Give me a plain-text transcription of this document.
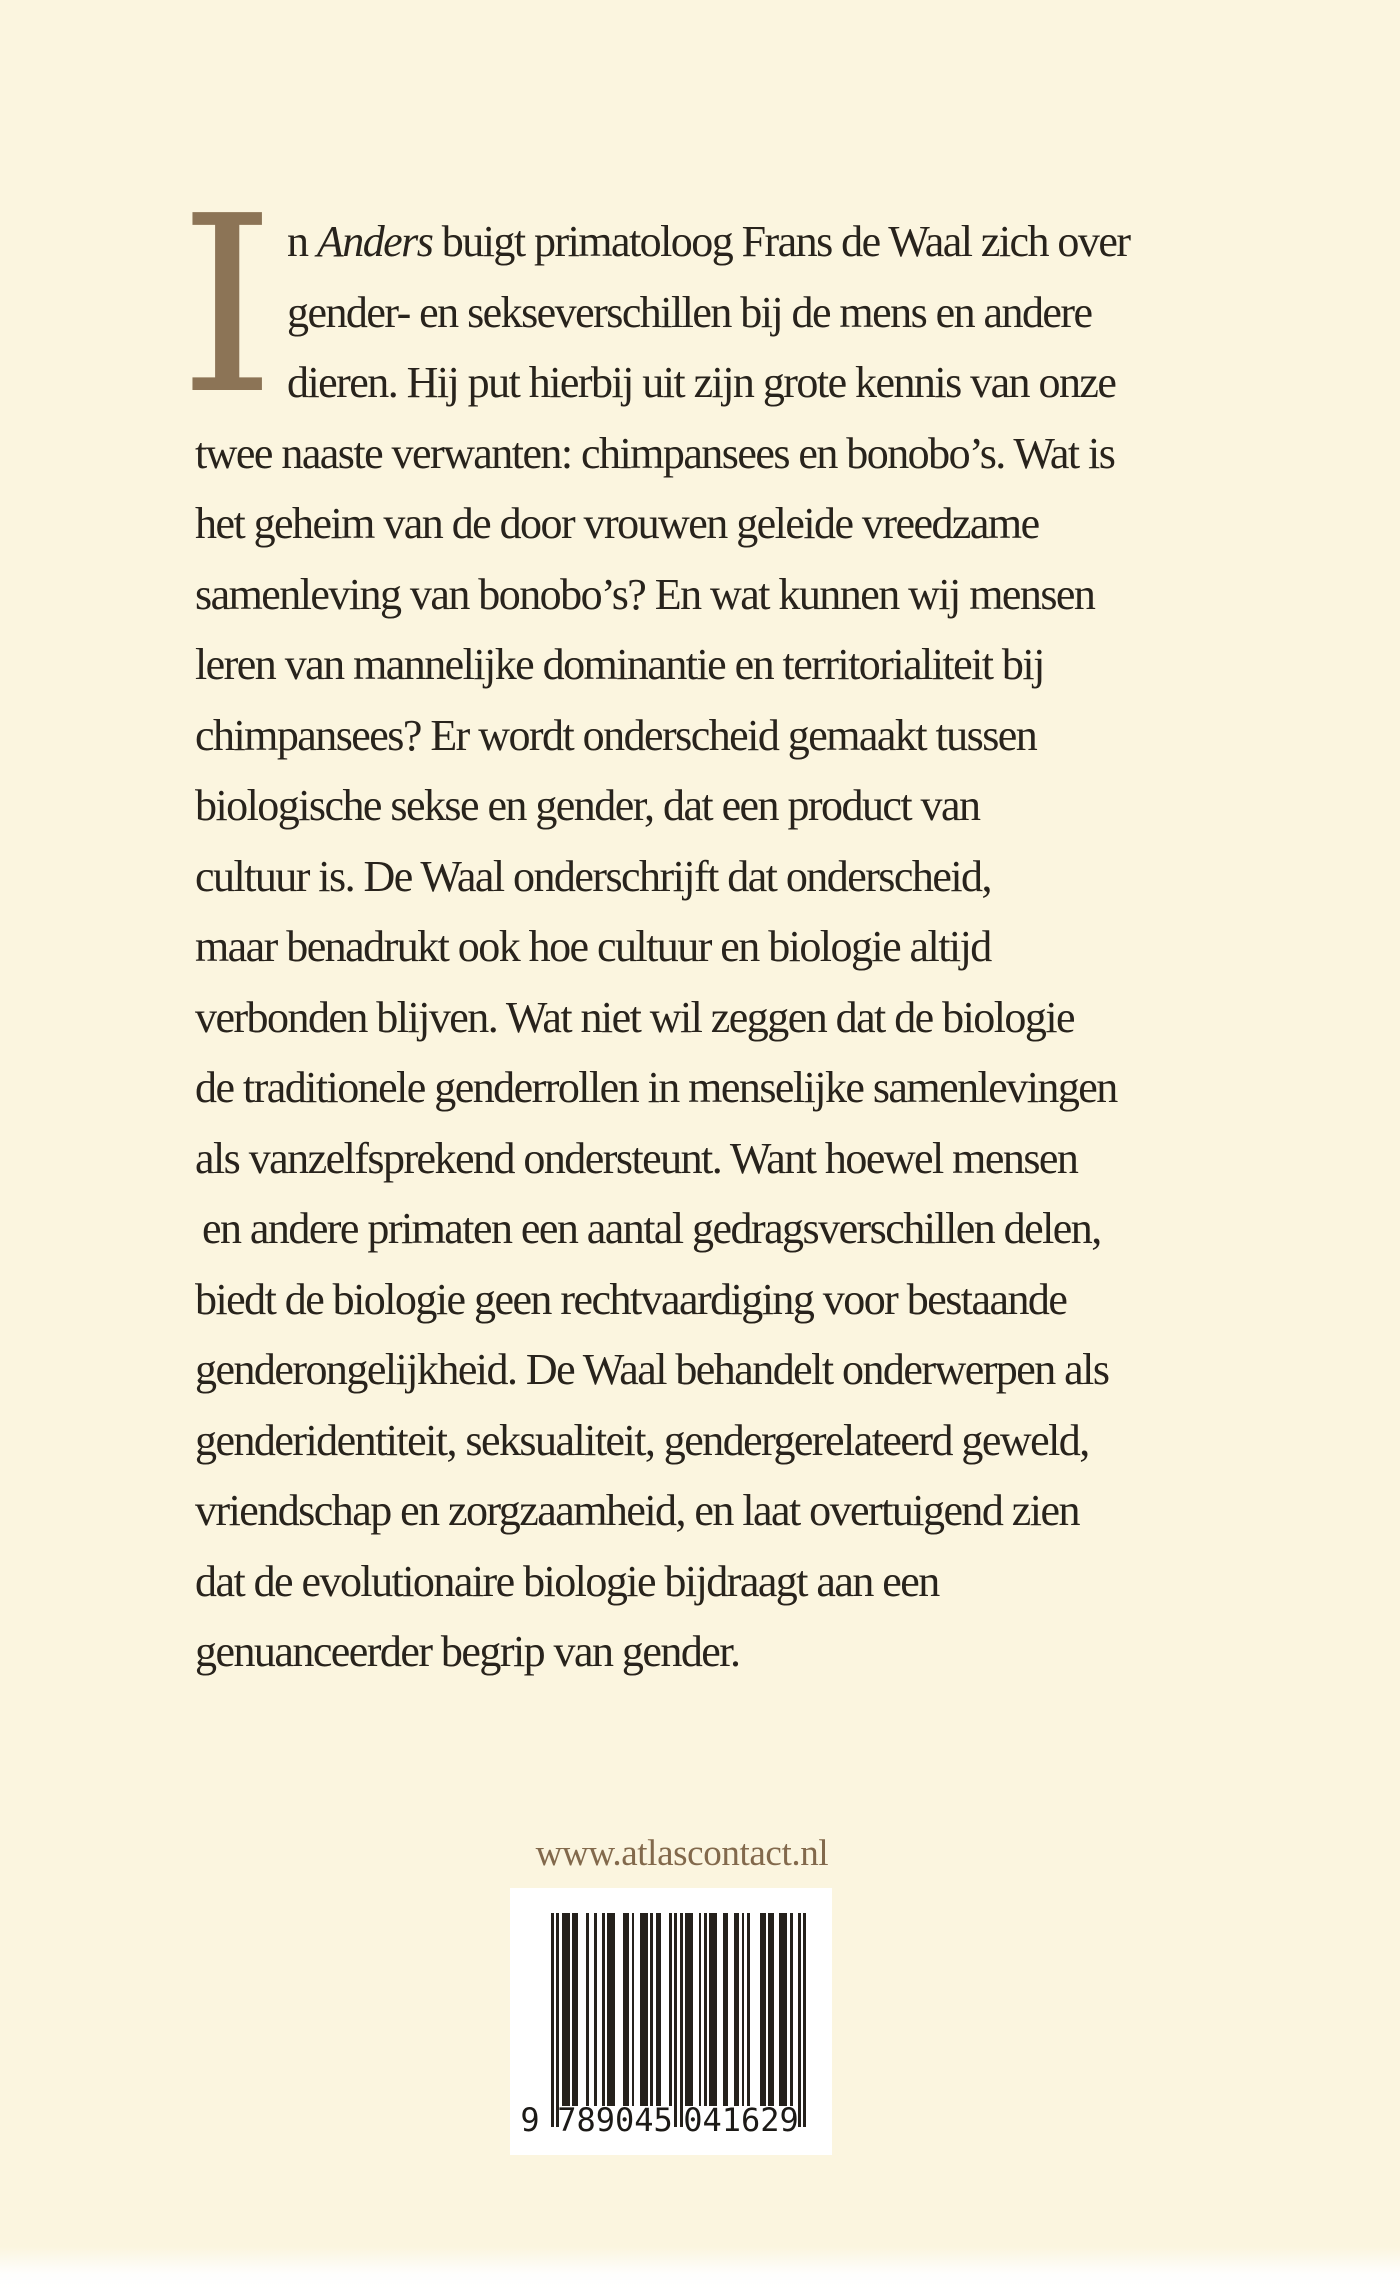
I n Anders buigt primatoloog Frans de Waal zich over
gender- en sekseverschillen bij de mens en andere
dieren. Hij put hierbij uit zijn grote kennis van onze
twee naaste verwanten: chimpansees en bonobo’s. Wat is
het geheim van de door vrouwen geleide vreedzame
samenleving van bonobo’s? En wat kunnen wij mensen
leren van mannelijke dominantie en territorialiteit bij
chimpansees? Er wordt onderscheid gemaakt tussen
biologische sekse en gender, dat een product van
cultuur is. De Waal onderschrijft dat onderscheid,
maar benadrukt ook hoe cultuur en biologie altijd
verbonden blijven. Wat niet wil zeggen dat de biologie
de traditionele genderrollen in menselijke samenlevingen
als vanzelfsprekend ondersteunt. Want hoewel mensen
en andere primaten een aantal gedragsverschillen delen,
biedt de biologie geen rechtvaardiging voor bestaande
genderongelijkheid. De Waal behandelt onderwerpen als
genderidentiteit, seksualiteit, gendergerelateerd geweld,
vriendschap en zorgzaamheid, en laat overtuigend zien
dat de evolutionaire biologie bijdraagt aan een
genuanceerder begrip van gender.
www.atlascontact.nl
9 789045 041629
